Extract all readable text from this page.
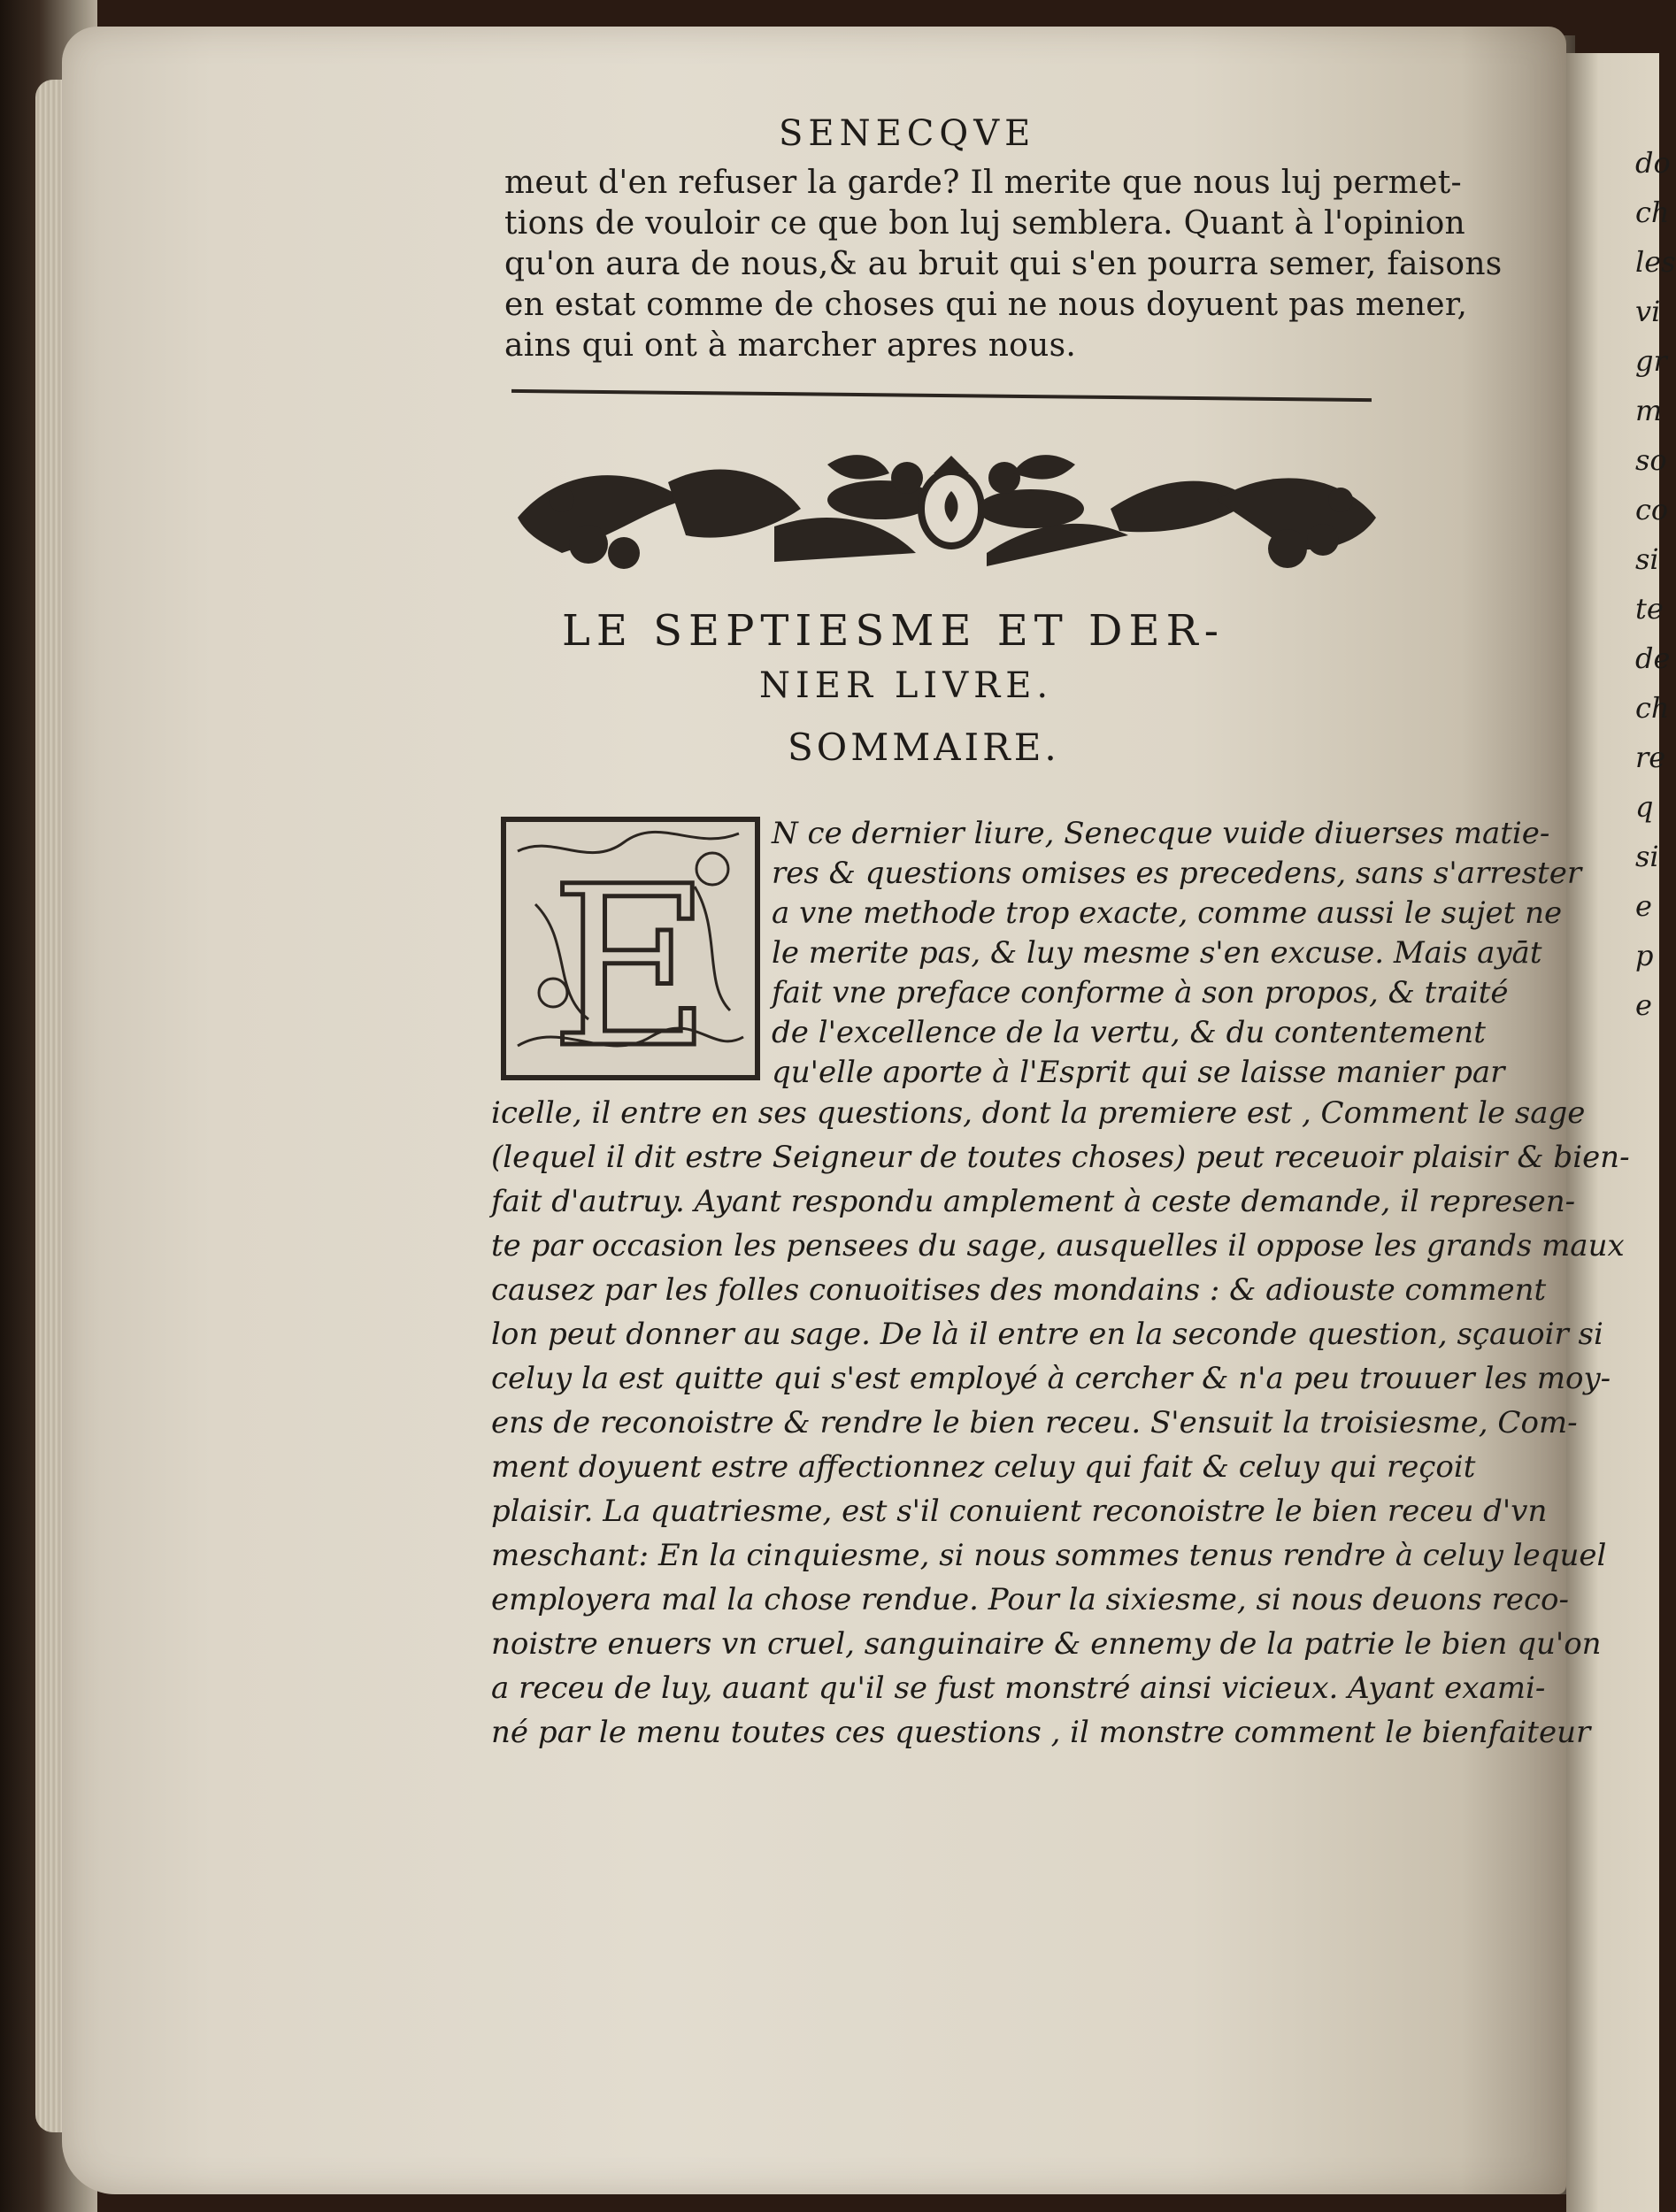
SENECQVE
meut d'en refuser la garde? Il merite que nous luj permet-
tions de vouloir ce que bon luj semblera. Quant à l'opinion
qu'on aura de nous,& au bruit qui s'en pourra semer, faisons
en estat comme de choses qui ne nous doyuent pas mener,
ains qui ont à marcher apres nous.
LE SEPTIESME ET DER-
NIER LIVRE.
SOMMAIRE.
E
N ce dernier liure, Senecque vuide diuerses matie-
res & questions omises es precedens, sans s'arrester
a vne methode trop exacte, comme aussi le sujet ne
le merite pas, & luy mesme s'en excuse. Mais ayāt
fait vne preface conforme à son propos, & traité
de l'excellence de la vertu, & du contentement
qu'elle aporte à l'Esprit qui se laisse manier par
icelle, il entre en ses questions, dont la premiere est , Comment le sage
(lequel il dit estre Seigneur de toutes choses) peut receuoir plaisir & bien-
fait d'autruy. Ayant respondu amplement à ceste demande, il represen-
te par occasion les pensees du sage, ausquelles il oppose les grands maux
causez par les folles conuoitises des mondains : & adiouste comment
lon peut donner au sage. De là il entre en la seconde question, sçauoir si
celuy la est quitte qui s'est employé à cercher & n'a peu trouuer les moy-
ens de reconoistre & rendre le bien receu. S'ensuit la troisiesme, Com-
ment doyuent estre affectionnez celuy qui fait & celuy qui reçoit
plaisir. La quatriesme, est s'il conuient reconoistre le bien receu d'vn
meschant: En la cinquiesme, si nous sommes tenus rendre à celuy lequel
employera mal la chose rendue. Pour la sixiesme, si nous deuons reco-
noistre enuers vn cruel, sanguinaire & ennemy de la patrie le bien qu'on
a receu de luy, auant qu'il se fust monstré ainsi vicieux. Ayant exami-
né par le menu toutes ces questions , il monstre comment le bienfaiteur
do
ch
les
vi
gr
m
so
co
si
te
de
ch
re
q
si
e
p
e
